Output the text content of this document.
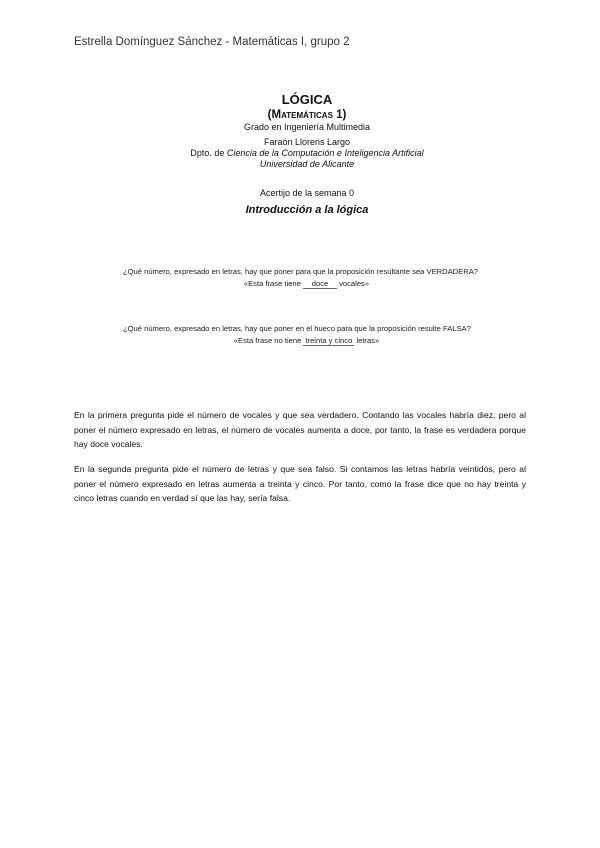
Estrella Domínguez Sánchez - Matemáticas I, grupo 2
LÓGICA
(Matemáticas 1)
Grado en Ingeniería Multimedia
Faraón Llorens Largo
Dpto. de Ciencia de la Computación e Inteligencia Artificial
Universidad de Alicante
Acertijo de la semana 0
Introducción a la lógica
¿Qué número, expresado en letras, hay que poner para que la proposición resultante sea VERDADERA?
«Esta frase tiene doce vocales»
¿Qué número, expresado en letras, hay que poner en el hueco para que la proposición resulte FALSA?
«Esta frase no tiene treinta y cinco letras»

En la primera pregunta pide el número de vocales y que sea verdadero. Contando las vocales habría diez, pero al poner el número expresado en letras, el número de vocales aumenta a doce, por tanto, la frase es verdadera porque hay doce vocales.

En la segunda pregunta pide el número de letras y que sea falso. Si contamos las letras habría veintidós, pero al poner el número expresado en letras aumenta a treinta y cinco. Por tanto, como la frase dice que no hay treinta y cinco letras cuando en verdad sí que las hay, sería falsa.
